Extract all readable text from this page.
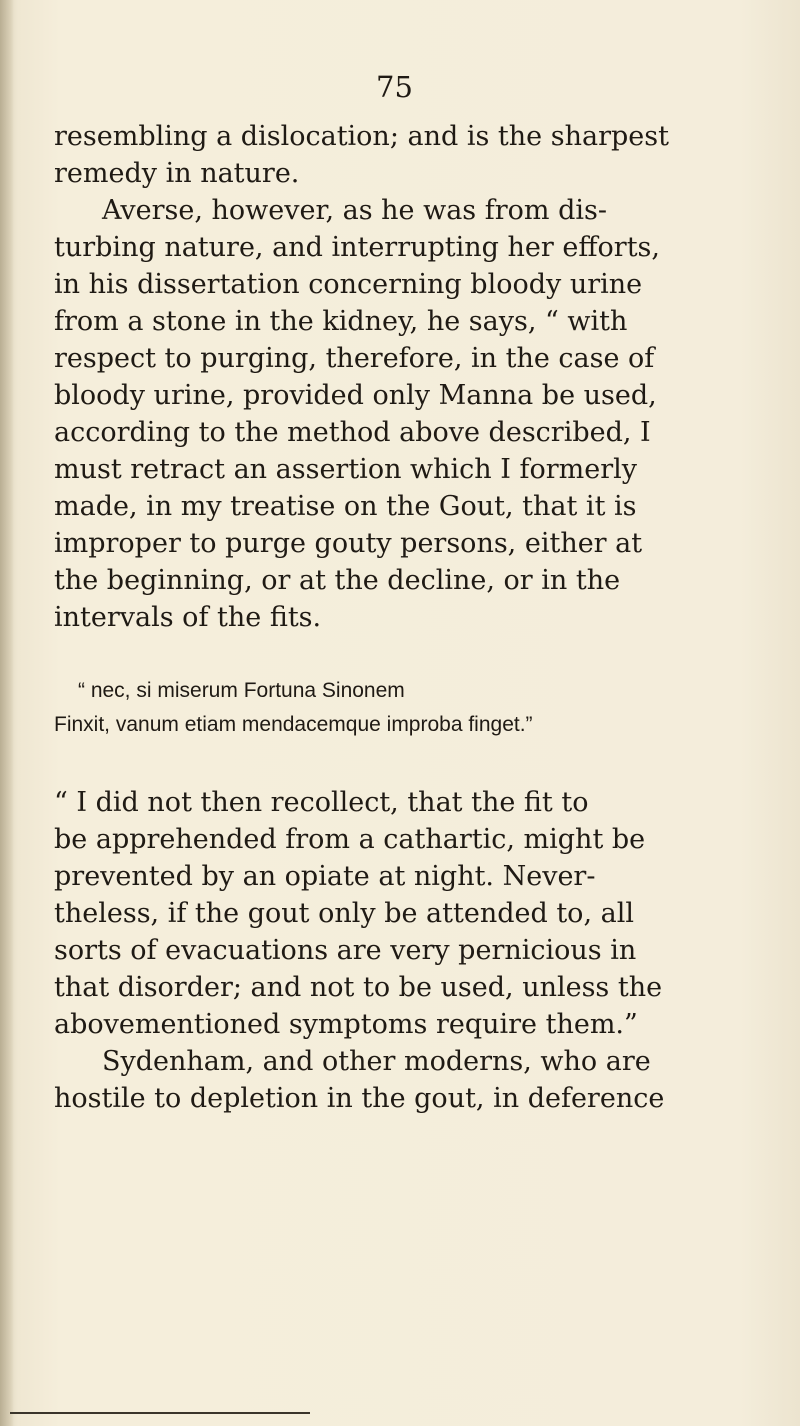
75
resembling a dislocation; and is the sharpest
remedy in nature.
Averse, however, as he was from dis-
turbing nature, and interrupting her efforts,
in his dissertation concerning bloody urine
from a stone in the kidney, he says, “ with
respect to purging, therefore, in the case of
bloody urine, provided only Manna be used,
according to the method above described, I
must retract an assertion which I formerly
made, in my treatise on the Gout, that it is
improper to purge gouty persons, either at
the beginning, or at the decline, or in the
intervals of the fits.
“ nec, si miserum Fortuna Sinonem
Finxit, vanum etiam mendacemque improba finget.”
“ I did not then recollect, that the fit to
be apprehended from a cathartic, might be
prevented by an opiate at night. Never-
theless, if the gout only be attended to, all
sorts of evacuations are very pernicious in
that disorder; and not to be used, unless the
abovementioned symptoms require them.”
Sydenham, and other moderns, who are
hostile to depletion in the gout, in deference
